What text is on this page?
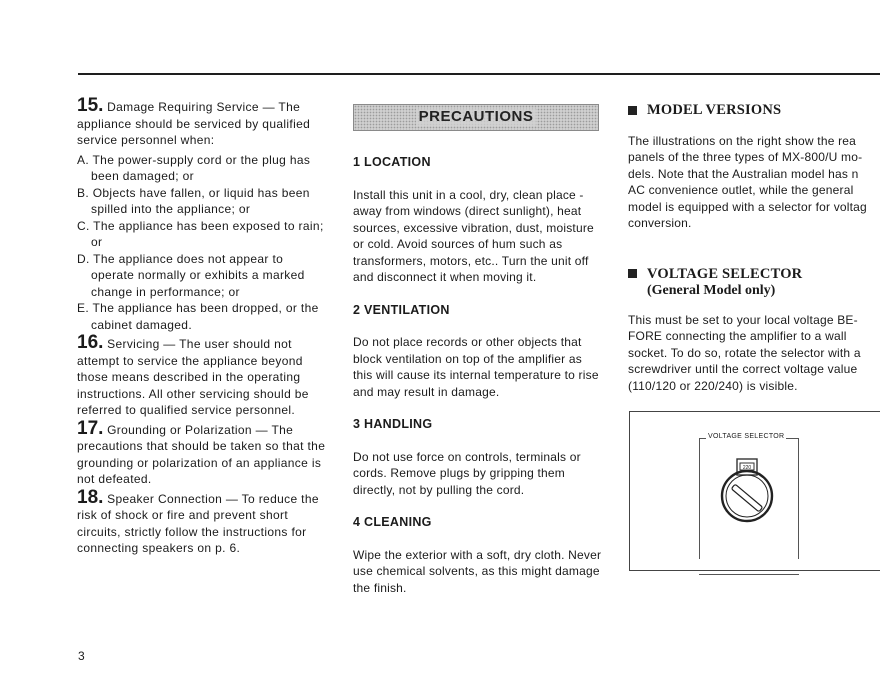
15. Damage Requiring Service — The appliance should be serviced by qualified service personnel when:

A. The power-supply cord or the plug has been damaged; or
B. Objects have fallen, or liquid has been spilled into the appliance; or
C. The appliance has been exposed to rain; or
D. The appliance does not appear to operate normally or exhibits a marked change in performance; or
E. The appliance has been dropped, or the cabinet damaged.

16. Servicing — The user should not attempt to service the appliance beyond those means described in the operating instructions. All other servicing should be referred to qualified service personnel.

17. Grounding or Polarization — The precautions that should be taken so that the grounding or polarization of an appliance is not defeated.

18. Speaker Connection — To reduce the risk of shock or fire and prevent short circuits, strictly follow the instructions for connecting speakers on p. 6.

PRECAUTIONS
1 LOCATION

Install this unit in a cool, dry, clean place - away from windows (direct sunlight), heat sources, excessive vibration, dust, moisture or cold. Avoid sources of hum such as transformers, motors, etc.. Turn the unit off and disconnect it when moving it.

2 VENTILATION

Do not place records or other objects that block ventilation on top of the amplifier as this will cause its internal temperature to rise and may result in damage.

3 HANDLING

Do not use force on controls, terminals or cords. Remove plugs by gripping them directly, not by pulling the cord.

4 CLEANING

Wipe the exterior with a soft, dry cloth. Never use chemical solvents, as this might damage the finish.

MODEL VERSIONS

The illustrations on the right show the rea

panels of the three types of MX-800/U mo-

dels. Note that the Australian model has n

AC convenience outlet, while the general

model is equipped with a selector for voltag

conversion.

VOLTAGE SELECTOR
(General Model only)

This must be set to your local voltage BE-

FORE connecting the amplifier to a wall

socket. To do so, rotate the selector with a

screwdriver until the correct voltage value

(110/120 or 220/240) is visible.

VOLTAGE SELECTOR
220
3
